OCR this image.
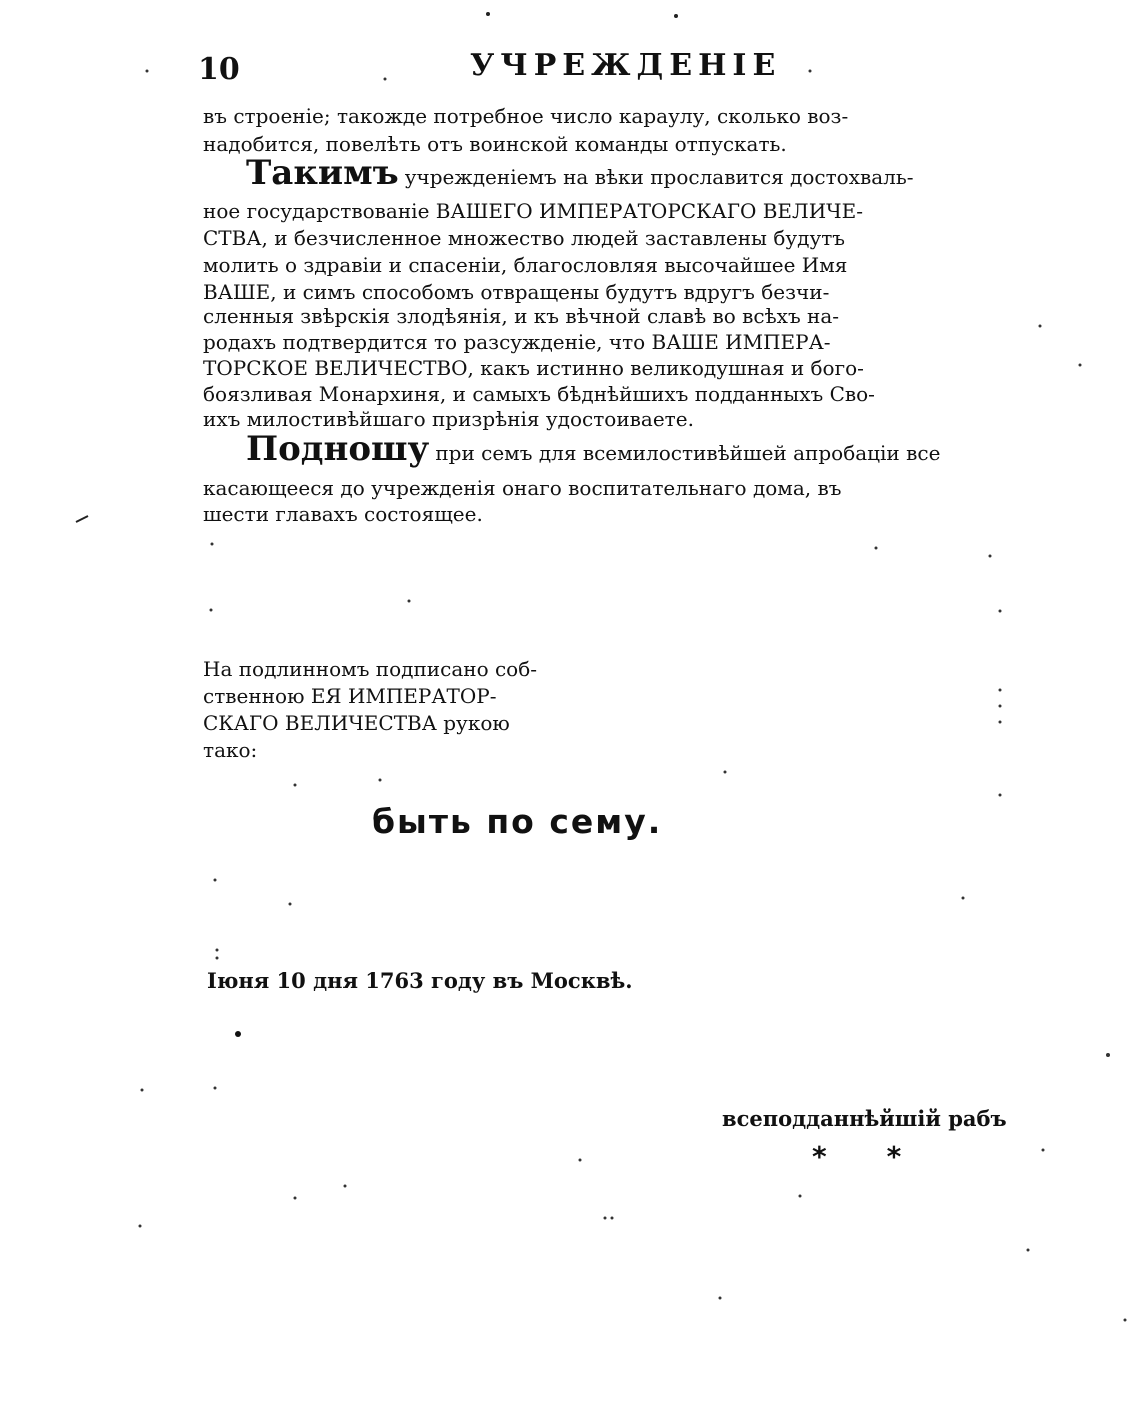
10	УЧРЕЖДЕНIЕ
въ строенiе; такожде потребное число караулу, сколько воз-
надобится, повелѣть отъ воинской команды отпускать.
Такимъ учрежденiемъ на вѣки прославится достохваль-
ное государствованiе ВАШЕГО ИМПЕРАТОРСКАГО ВЕЛИЧЕ-
СТВА, и безчисленное множество людей заставлены будутъ
молить о здравiи и спасенiи, благословляя высочайшее Имя
ВАШЕ, и симъ способомъ отвращены будутъ вдругъ безчи-
сленныя звѣрскiя злодѣянiя, и къ вѣчной славѣ во всѣхъ на-
родахъ подтвердится то разсужденiе, что ВАШЕ ИМПЕРА-
ТОРСКОЕ ВЕЛИЧЕСТВО, какъ истинно великодушная и бого-
боязливая Монархиня, и самыхъ бѣднѣйшихъ подданныхъ Сво-
ихъ милостивѣйшаго призрѣнiя удостоиваете.
Подношу при семъ для всемилостивѣйшей апробацiи все
касающееся до учрежденiя онаго воспитательнаго дома, въ
шести главахъ состоящее.
На подлинномъ подписано соб-
ственною ЕЯ ИМПЕРАТОР-
СКАГО ВЕЛИЧЕСТВА рукою
тако:
быть по сему.
Iюня 10 дня 1763 году въ Москвѣ.
всеподданнѣйшiй рабъ
**
